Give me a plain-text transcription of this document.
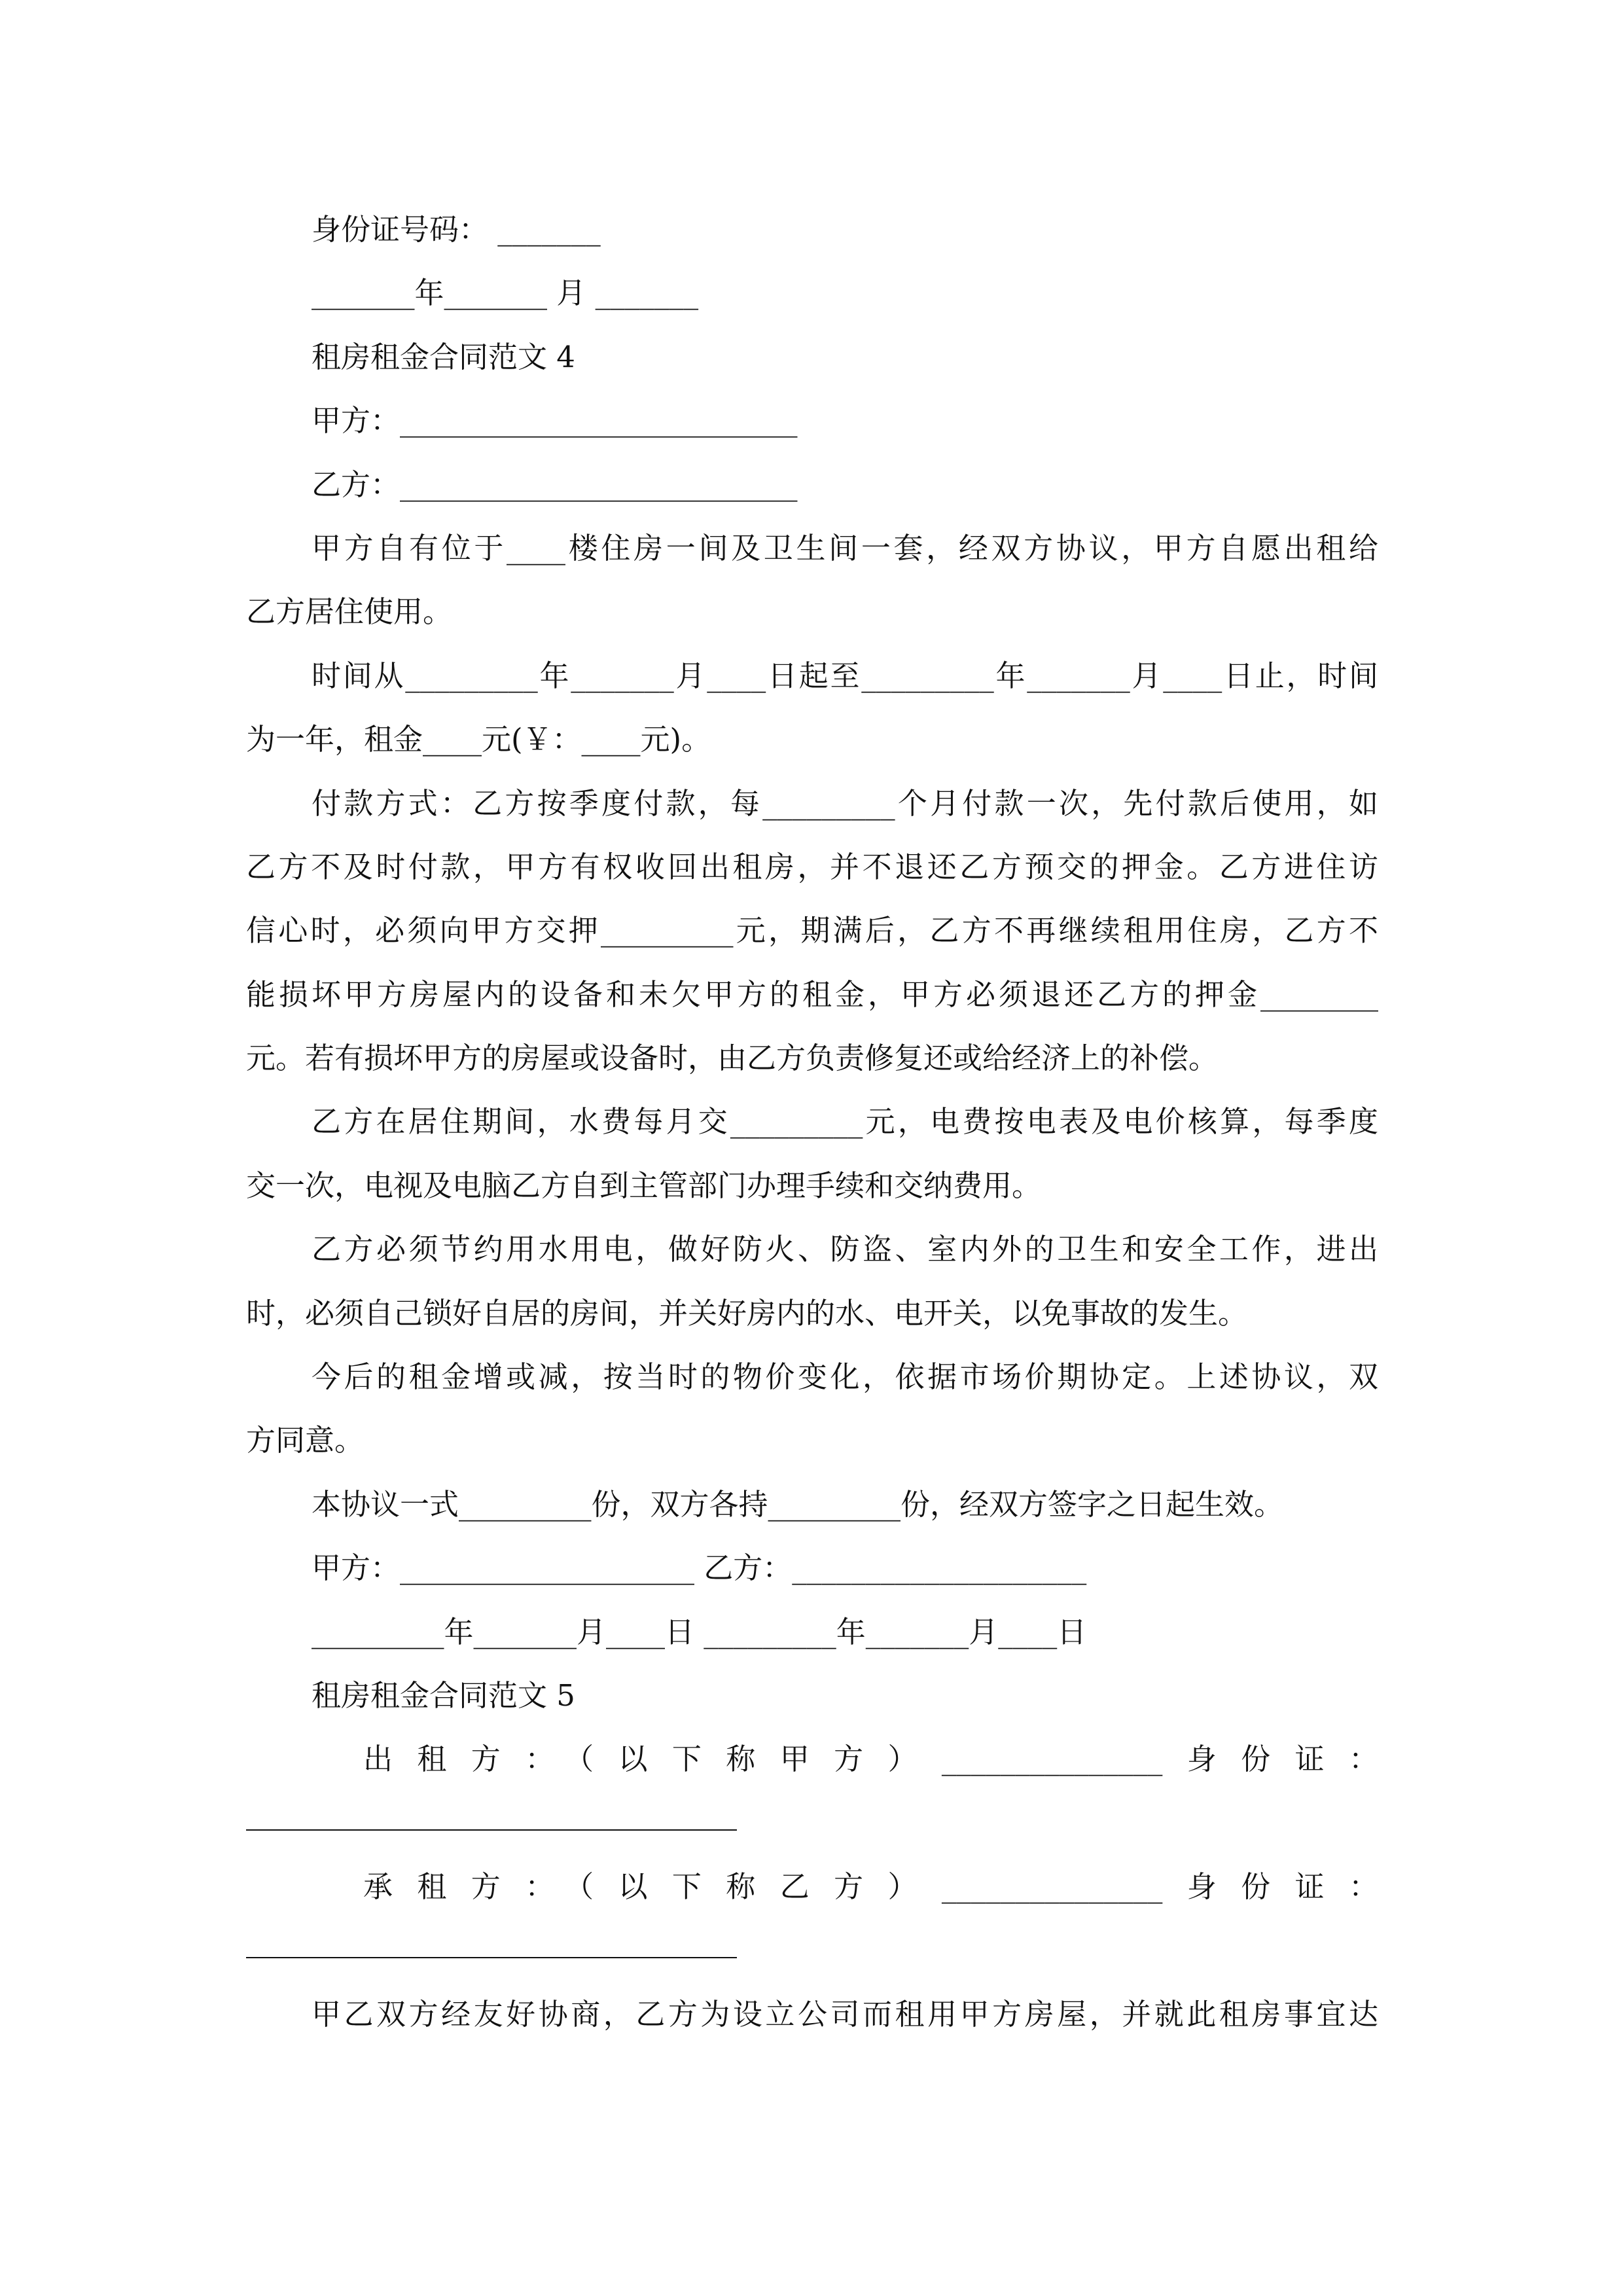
身份证号码： _______
_______年_______ 月 _______
租房租金合同范文 4
甲方：___________________________
乙方：___________________________
甲方自有位于____楼住房一间及卫生间一套，经双方协议，甲方自愿出租给
乙方居住使用。
时间从_________年_______月____日起至_________年_______月____日止，时间
为一年，租金____元(￥：____元)。
付款方式：乙方按季度付款，每_________个月付款一次，先付款后使用，如
乙方不及时付款，甲方有权收回出租房，并不退还乙方预交的押金。乙方进住访
信心时，必须向甲方交押_________元，期满后，乙方不再继续租用住房，乙方不
能损坏甲方房屋内的设备和未欠甲方的租金，甲方必须退还乙方的押金________
元。若有损坏甲方的房屋或设备时，由乙方负责修复还或给经济上的补偿。
乙方在居住期间，水费每月交_________元，电费按电表及电价核算，每季度
交一次，电视及电脑乙方自到主管部门办理手续和交纳费用。
乙方必须节约用水用电，做好防火、防盗、室内外的卫生和安全工作，进出
时，必须自己锁好自居的房间，并关好房内的水、电开关，以免事故的发生。
今后的租金增或减，按当时的物价变化，依据市场价期协定。上述协议，双
方同意。
本协议一式_________份，双方各持_________份，经双方签字之日起生效。
甲方：____________________ 乙方：____________________
_________年_______月____日 _________年_______月____日
租房租金合同范文 5
出租方：（以下称甲方）_______________身份证：
承租方：（以下称乙方）_______________身份证：
甲乙双方经友好协商，乙方为设立公司而租用甲方房屋，并就此租房事宜达
